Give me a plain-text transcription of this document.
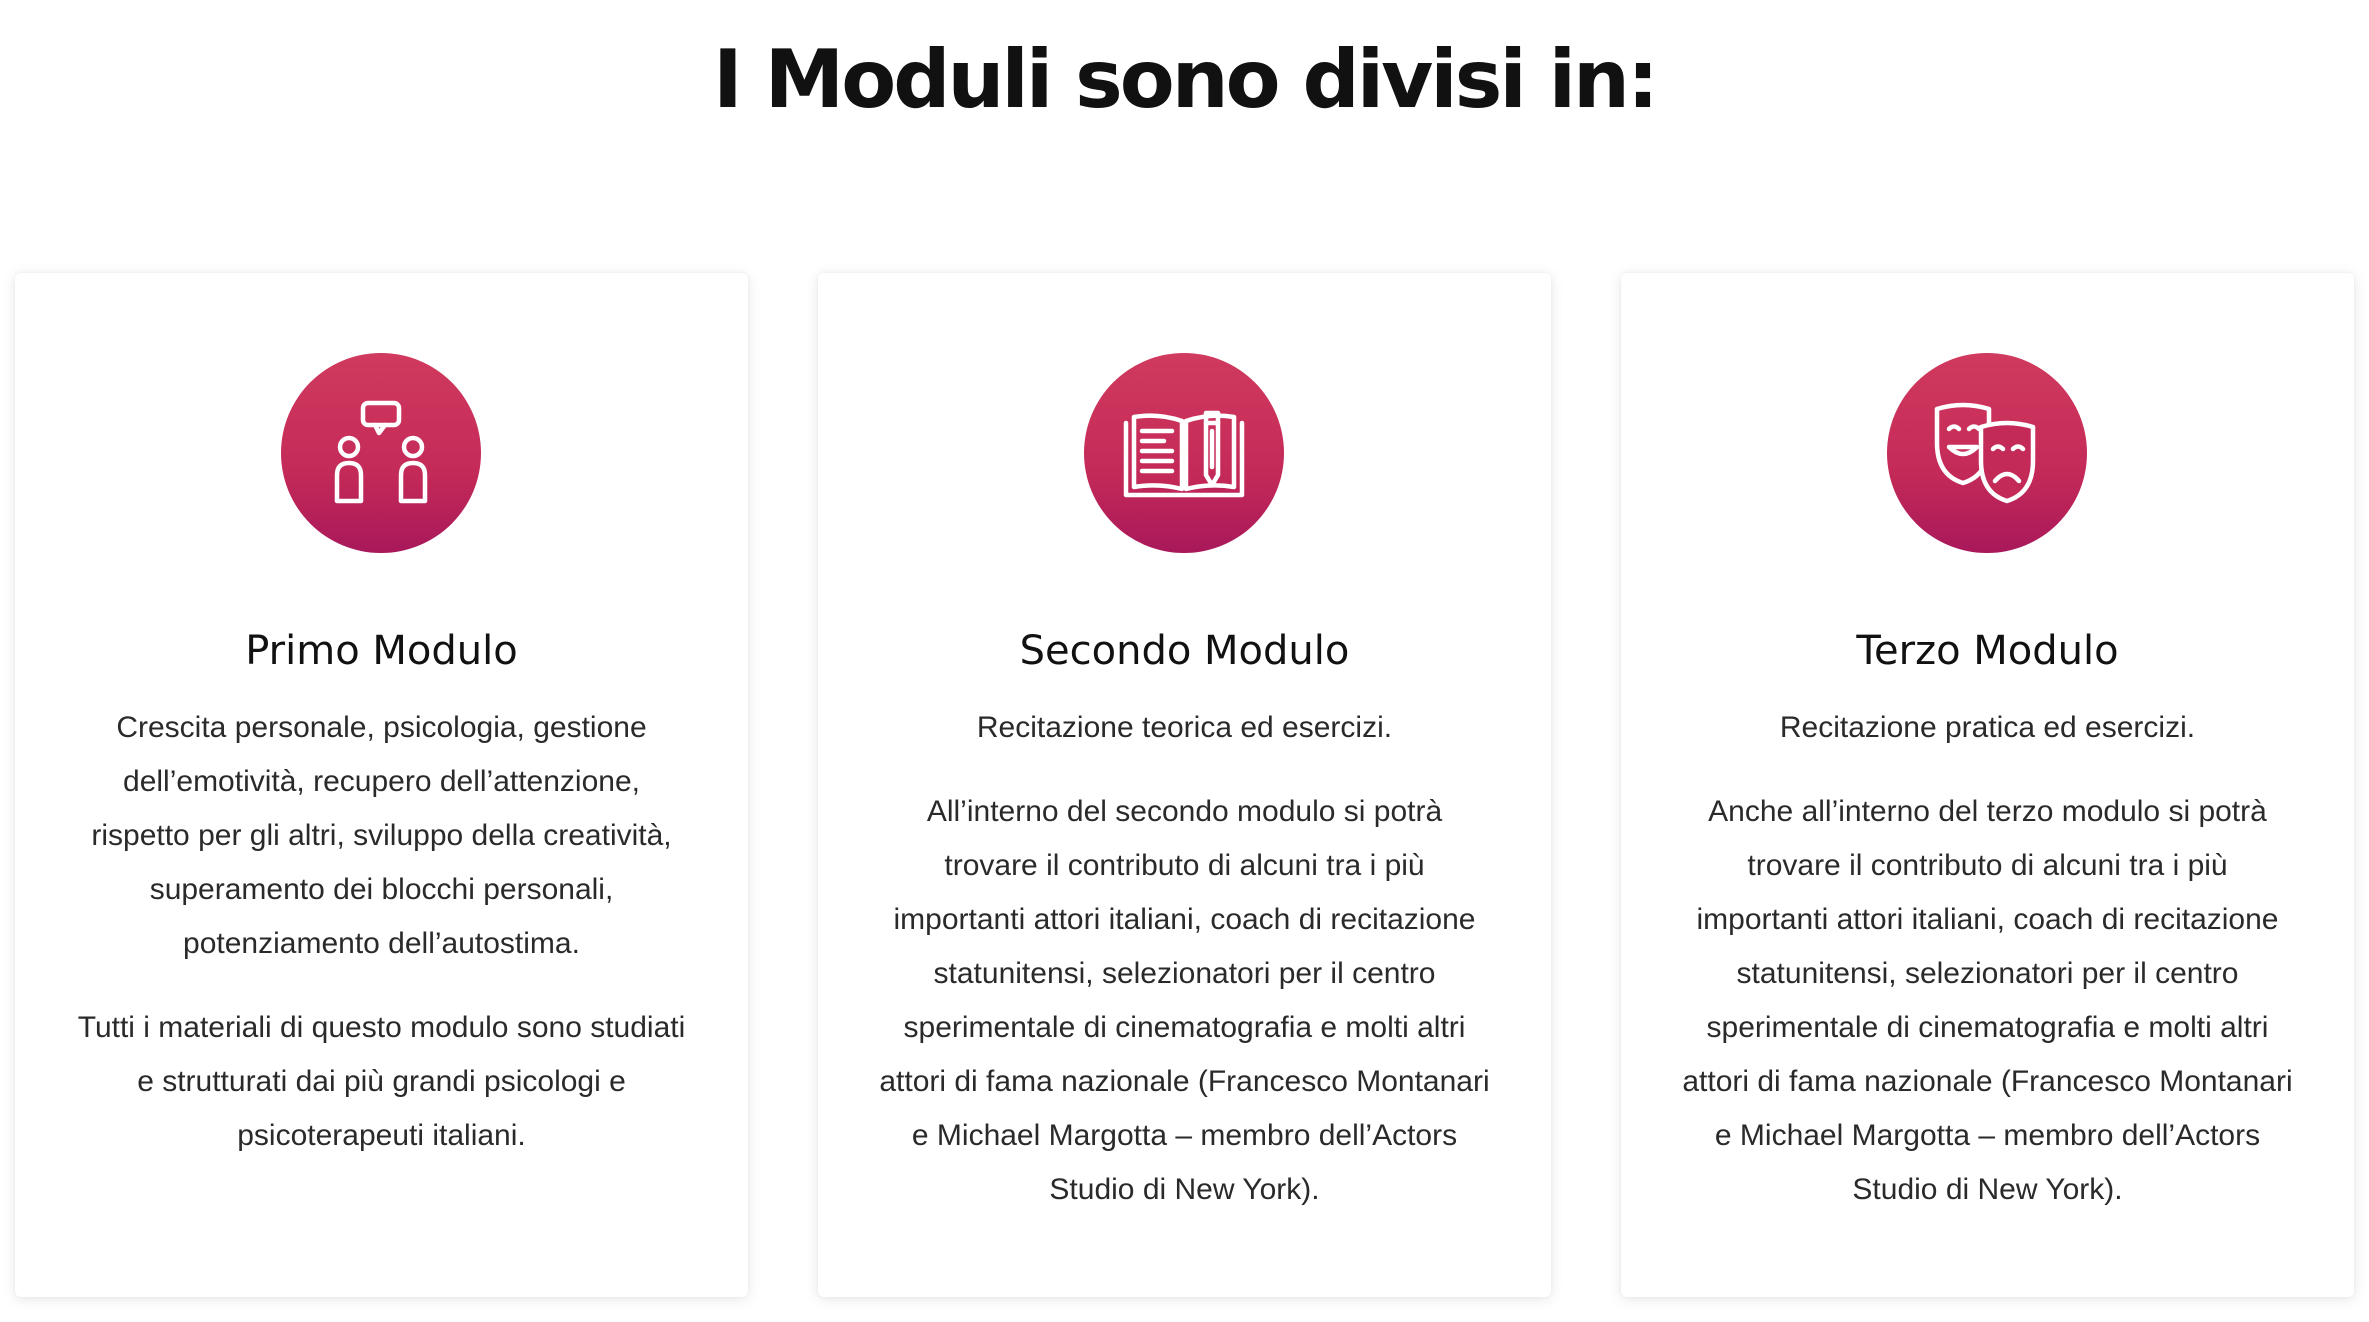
I Moduli sono divisi in:
Primo Modulo

Crescita personale, psicologia, gestione dell’emotività, recupero dell’attenzione, rispetto per gli altri, sviluppo della creatività, superamento dei blocchi personali, potenziamento dell’autostima.

Tutti i materiali di questo modulo sono studiati e strutturati dai più grandi psicologi e psicoterapeuti italiani.

Secondo Modulo

Recitazione teorica ed esercizi.

All’interno del secondo modulo si potrà trovare il contributo di alcuni tra i più importanti attori italiani, coach di recitazione statunitensi, selezionatori per il centro sperimentale di cinematografia e molti altri attori di fama nazionale (Francesco Montanari e Michael Margotta – membro dell’Actors Studio di New York).

Terzo Modulo

Recitazione pratica ed esercizi.

Anche all’interno del terzo modulo si potrà trovare il contributo di alcuni tra i più importanti attori italiani, coach di recitazione statunitensi, selezionatori per il centro sperimentale di cinematografia e molti altri attori di fama nazionale (Francesco Montanari e Michael Margotta – membro dell’Actors Studio di New York).
